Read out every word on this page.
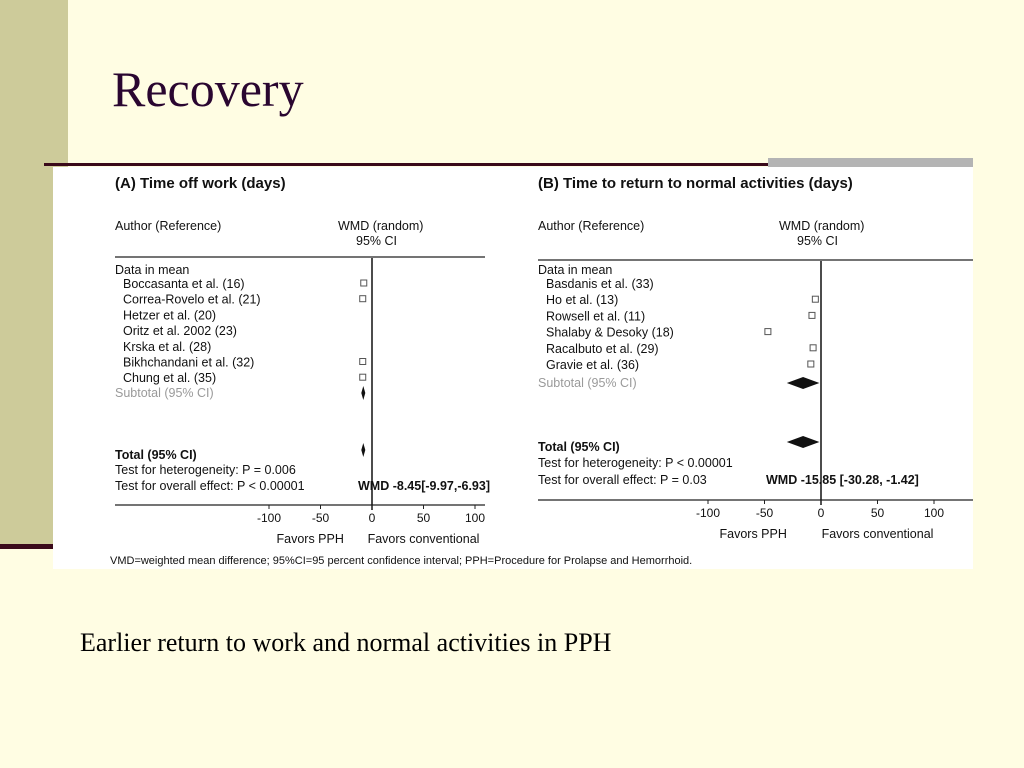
Recovery
(A) Time off work (days)
Author (Reference)	WMD (random)
95% CI
Data in mean
Boccasanta et al. (16)
Correa-Rovelo et al. (21)
Hetzer et al. (20)
Oritz et al. 2002 (23)
Krska et al. (28)
Bikhchandani et al. (32)
Chung et al. (35)
Subtotal (95% CI)
Total (95% CI)
Test for heterogeneity: P = 0.006
Test for overall effect: P < 0.00001	WMD -8.45[-9.97,-6.93]
-100	-50	0	50	100
Favors PPH Favors conventional
(B) Time to return to normal activities (days)
Author (Reference)	WMD (random)
95% CI
Data in mean
Basdanis et al. (33)
Ho et al. (13)
Rowsell et al. (11)
Shalaby & Desoky (18)
Racalbuto et al. (29)
Gravie et al. (36)
Subtotal (95% CI)
Total (95% CI)
Test for heterogeneity: P < 0.00001
Test for overall effect: P = 0.03	WMD -15.85 [-30.28, -1.42]
-100	-50	0	50	100
Favors PPH	Favors conventional
VMD=weighted mean difference; 95%CI=95 percent confidence interval; PPH=Procedure for Prolapse and Hemorrhoid.

Earlier return to work and normal activities in PPH
